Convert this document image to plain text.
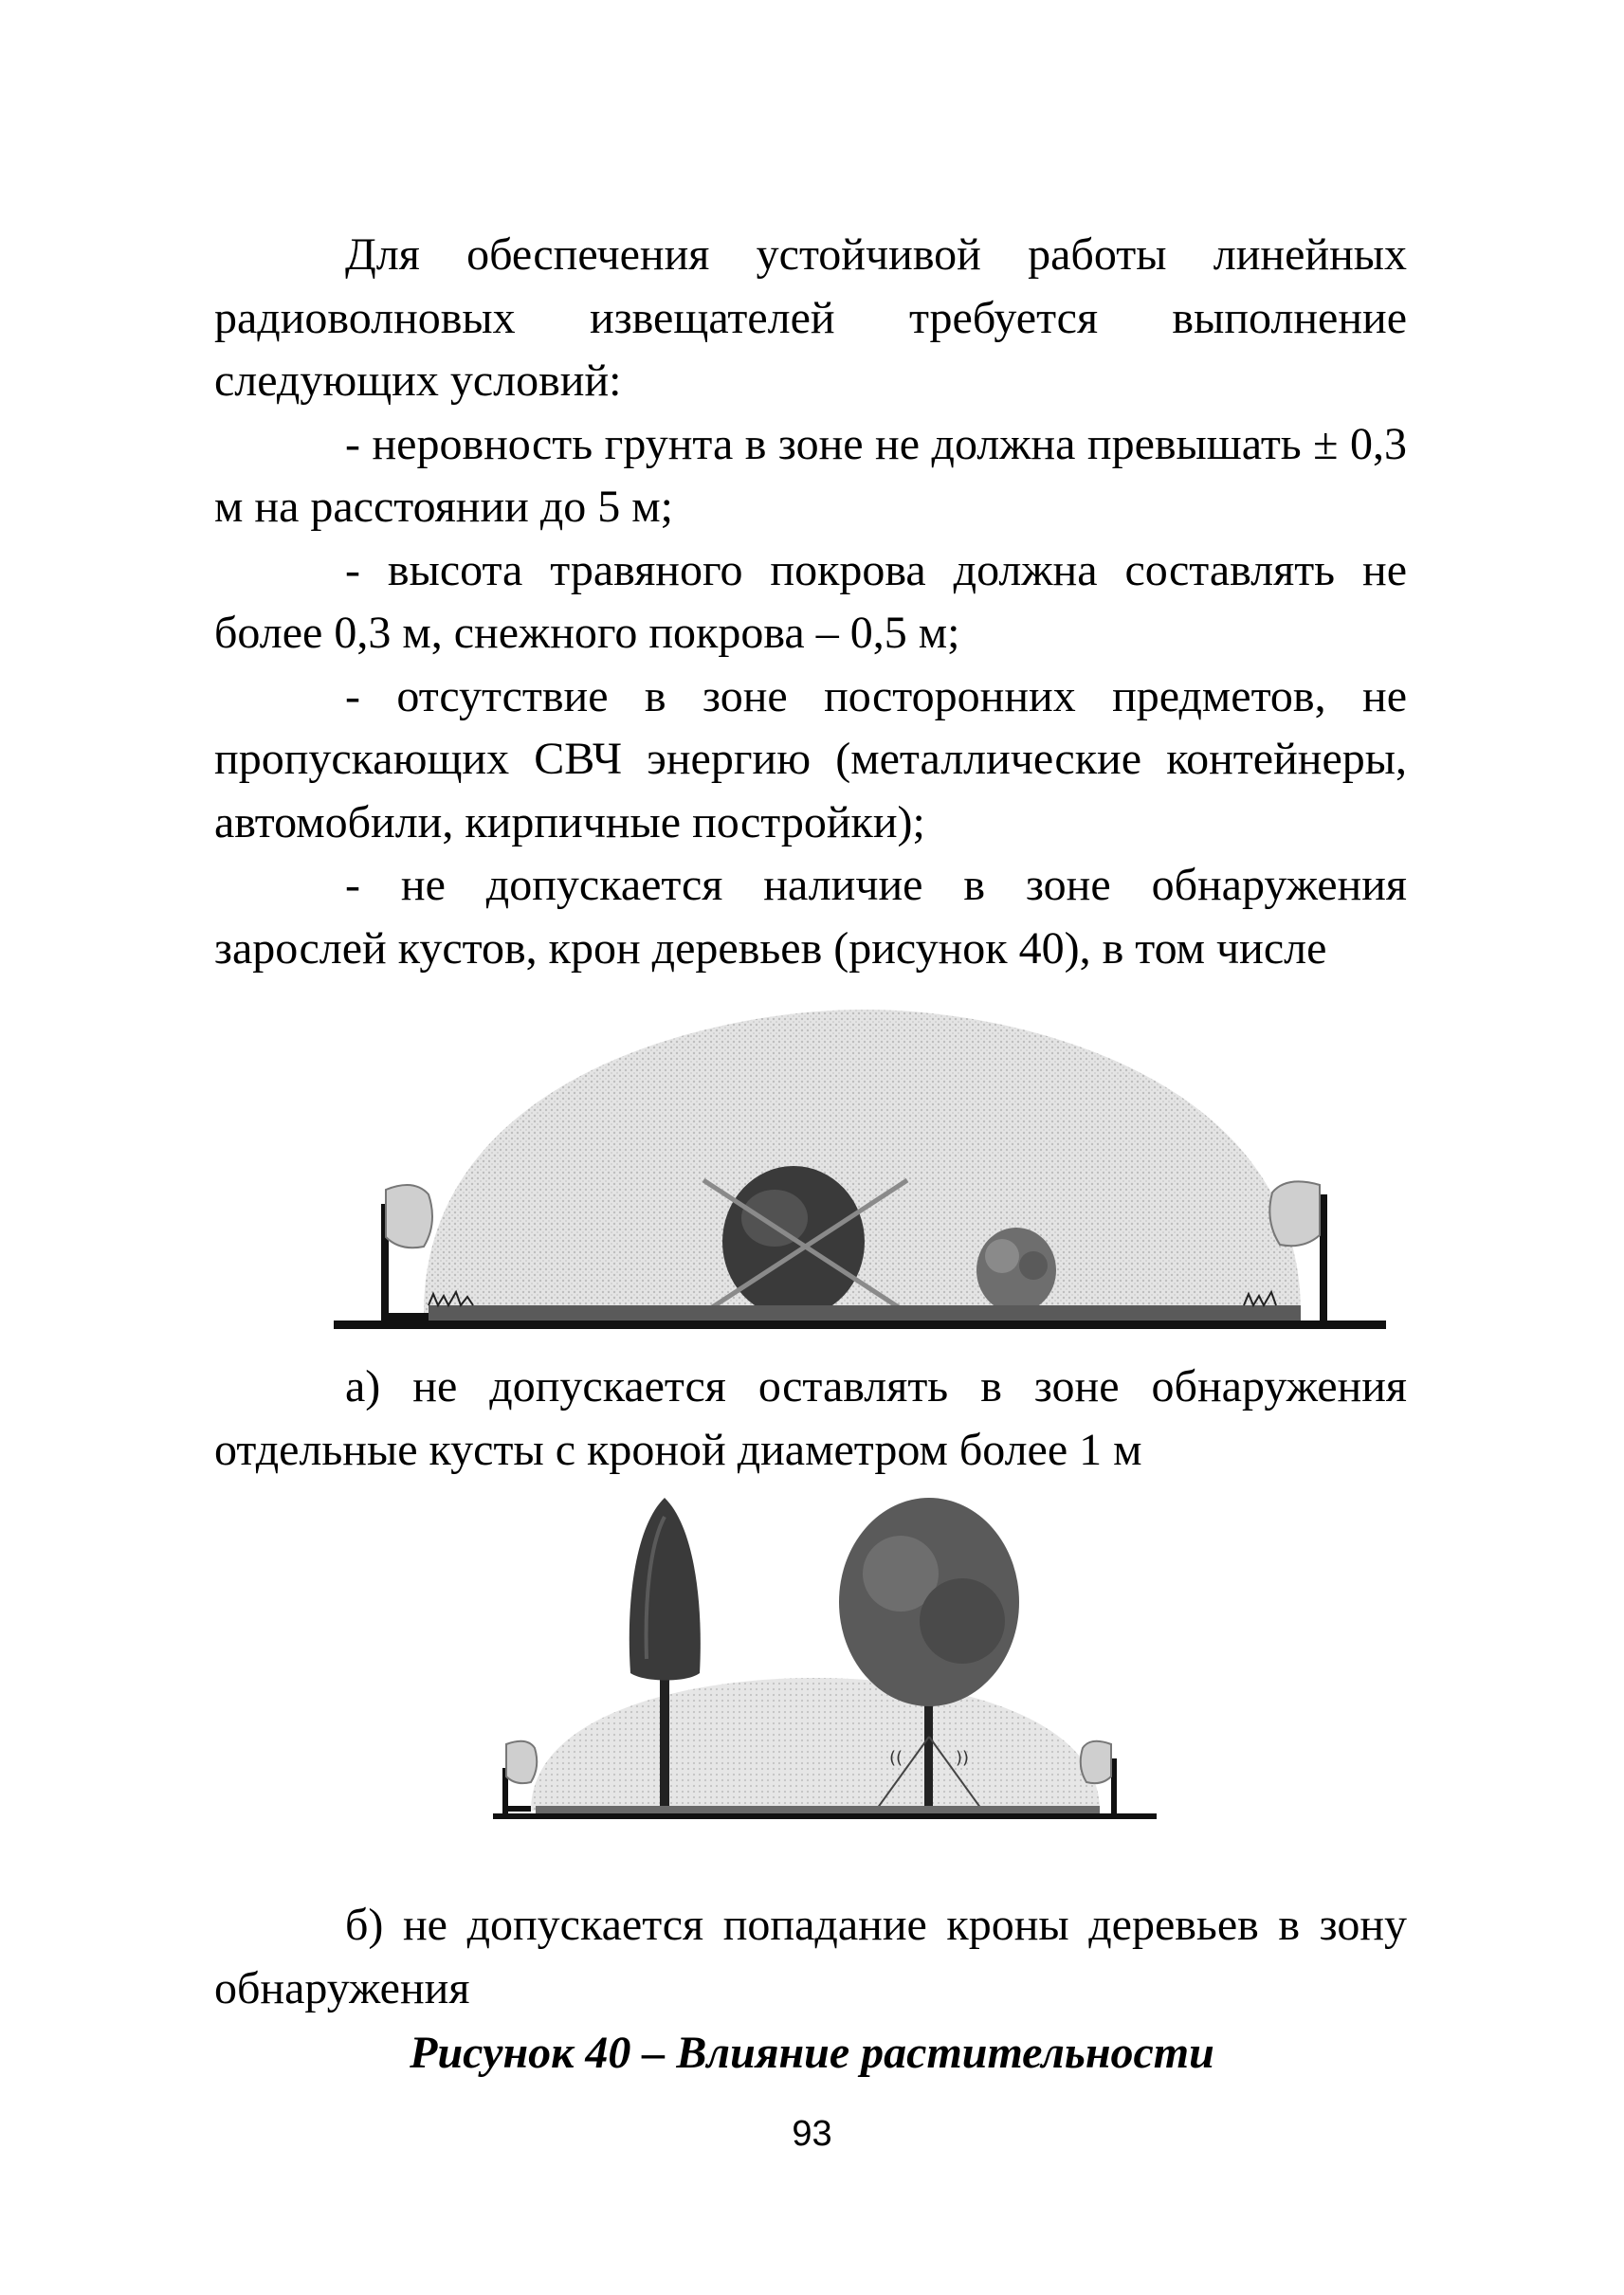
Для обеспечения устойчивой работы линейных радиоволновых извещателей требуется выполнение следующих условий:

- неровность грунта в зоне не должна превышать ± 0,3 м на расстоянии до 5 м;

- высота травяного покрова должна составлять не более 0,3 м, снежного покрова – 0,5 м;

- отсутствие в зоне посторонних предметов, не пропускающих СВЧ энергию (металлические контейнеры, автомобили, кирпичные постройки);

- не допускается наличие в зоне обнаружения зарослей кустов, крон деревьев (рисунок 40), в том числе

а) не допускается оставлять в зоне обнаружения отдельные кусты с кроной диаметром более 1 м

((	))

б) не допускается попадание кроны деревьев в зону обнаружения

Рисунок 40 – Влияние растительности
93
